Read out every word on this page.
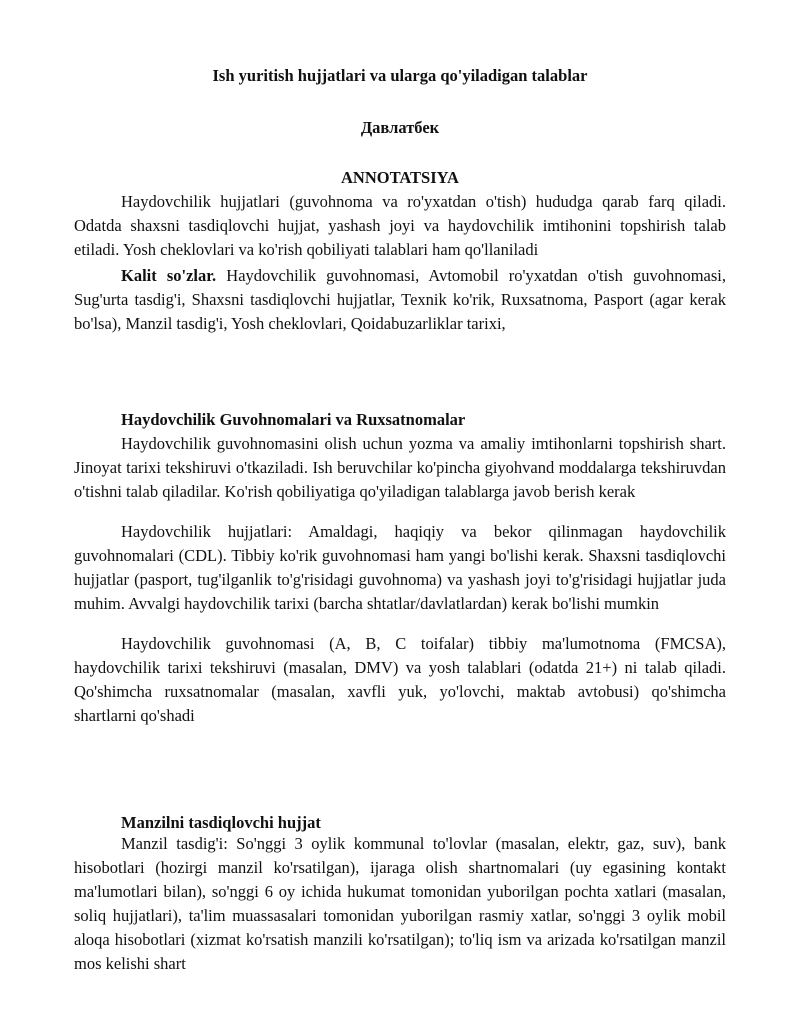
Ish yuritish hujjatlari va ularga qo'yiladigan talablar
Давлатбек
ANNOTATSIYA

Haydovchilik hujjatlari (guvohnoma va ro'yxatdan o'tish) hududga qarab farq qiladi. Odatda shaxsni tasdiqlovchi hujjat, yashash joyi va haydovchilik imtihonini topshirish talab etiladi. Yosh cheklovlari va ko'rish qobiliyati talablari ham qo'llaniladi

Kalit so'zlar. Haydovchilik guvohnomasi, Avtomobil ro'yxatdan o'tish guvohnomasi, Sug'urta tasdig'i, Shaxsni tasdiqlovchi hujjatlar, Texnik ko'rik, Ruxsatnoma, Pasport (agar kerak bo'lsa), Manzil tasdig'i, Yosh cheklovlari, Qoidabuzarliklar tarixi,

Haydovchilik Guvohnomalari va Ruxsatnomalar

Haydovchilik guvohnomasini olish uchun yozma va amaliy imtihonlarni topshirish shart. Jinoyat tarixi tekshiruvi o'tkaziladi. Ish beruvchilar ko'pincha giyohvand moddalarga tekshiruvdan o'tishni talab qiladilar. Ko'rish qobiliyatiga qo'yiladigan talablarga javob berish kerak

Haydovchilik hujjatlari: Amaldagi, haqiqiy va bekor qilinmagan haydovchilik guvohnomalari (CDL). Tibbiy ko'rik guvohnomasi ham yangi bo'lishi kerak. Shaxsni tasdiqlovchi hujjatlar (pasport, tug'ilganlik to'g'risidagi guvohnoma) va yashash joyi to'g'risidagi hujjatlar juda muhim. Avvalgi haydovchilik tarixi (barcha shtatlar/davlatlardan) kerak bo'lishi mumkin

Haydovchilik guvohnomasi (A, B, C toifalar) tibbiy ma'lumotnoma (FMCSA), haydovchilik tarixi tekshiruvi (masalan, DMV) va yosh talablari (odatda 21+) ni talab qiladi. Qo'shimcha ruxsatnomalar (masalan, xavfli yuk, yo'lovchi, maktab avtobusi) qo'shimcha shartlarni qo'shadi

Manzilni tasdiqlovchi hujjat

Manzil tasdig'i: So'nggi 3 oylik kommunal to'lovlar (masalan, elektr, gaz, suv), bank hisobotlari (hozirgi manzil ko'rsatilgan), ijaraga olish shartnomalari (uy egasining kontakt ma'lumotlari bilan), so'nggi 6 oy ichida hukumat tomonidan yuborilgan pochta xatlari (masalan, soliq hujjatlari), ta'lim muassasalari tomonidan yuborilgan rasmiy xatlar, so'nggi 3 oylik mobil aloqa hisobotlari (xizmat ko'rsatish manzili ko'rsatilgan); to'liq ism va arizada ko'rsatilgan manzil mos kelishi shart
